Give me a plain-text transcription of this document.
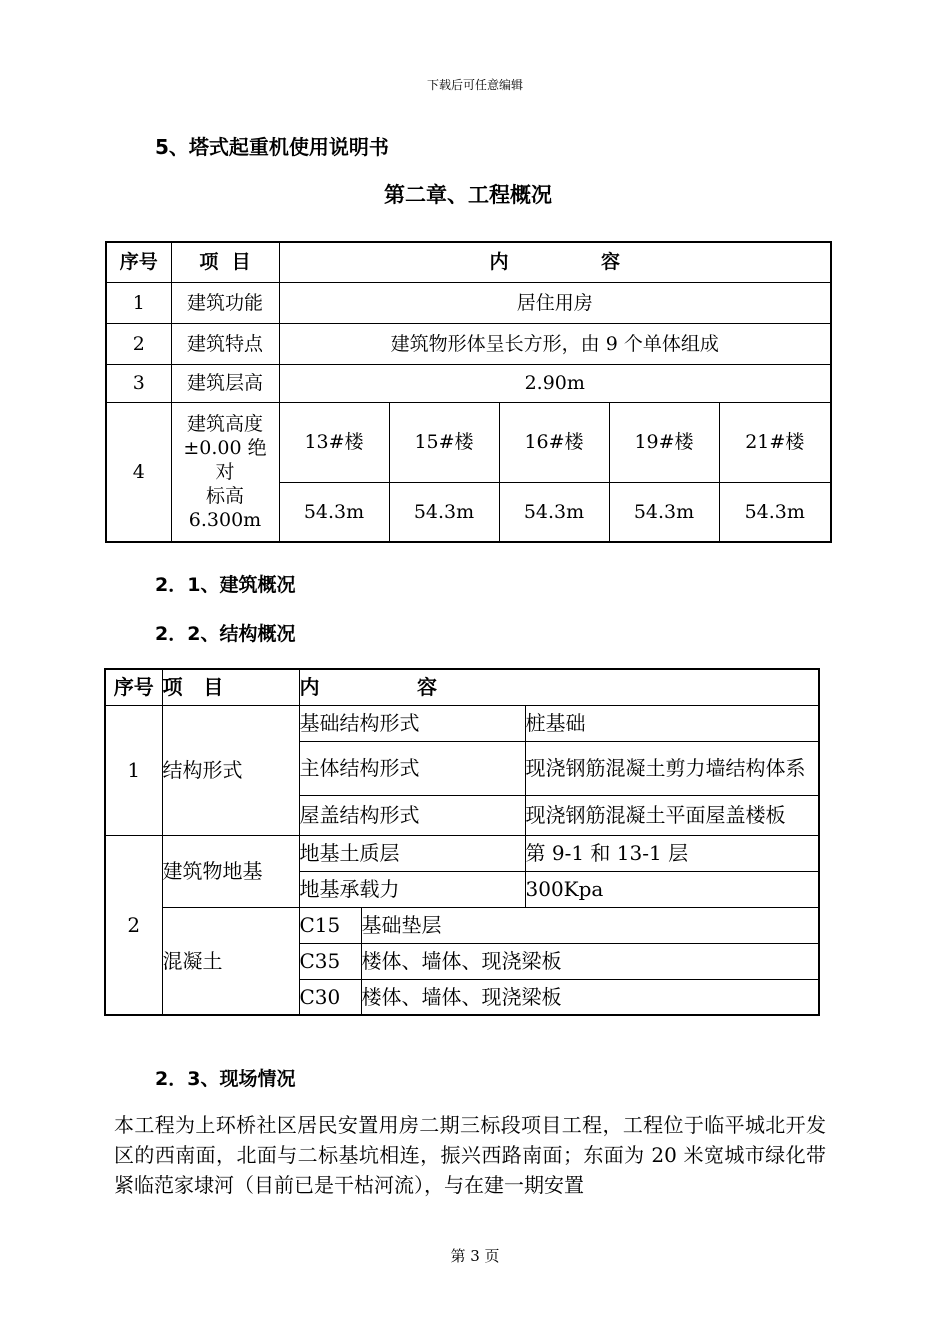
下载后可任意编辑
5、塔式起重机使用说明书
第二章、工程概况
序号	项  目	内              容				
1	建筑功能	居住用房				
2	建筑特点	建筑物形体呈长方形，由 9 个单体组成				
3	建筑层高	2.90m				
4	建筑高度
±0.00 绝
对
标高
6.300m	13#楼	15#楼	16#楼	19#楼	21#楼
		54.3m	54.3m	54.3m	54.3m	54.3m
2．1、建筑概况
2．2、结构概况
序号	项   目	内              容		
1	结构形式	基础结构形式		桩基础
		主体结构形式		现浇钢筋混凝土剪力墙结构体系
		屋盖结构形式		现浇钢筋混凝土平面屋盖楼板
2	建筑物地基	地基土质层		第 9-1 和 13-1 层
		地基承载力		300Kpa
	混凝土	C15	基础垫层	
		C35	楼体、墙体、现浇梁板	
		C30	楼体、墙体、现浇梁板	
2．3、现场情况
本工程为上环桥社区居民安置用房二期三标段项目工程，工程位于临平城北开发区的西南面，北面与二标基坑相连，振兴西路南面；东面为 20 米宽城市绿化带紧临范家埭河（目前已是干枯河流），与在建一期安置
第 3 页
